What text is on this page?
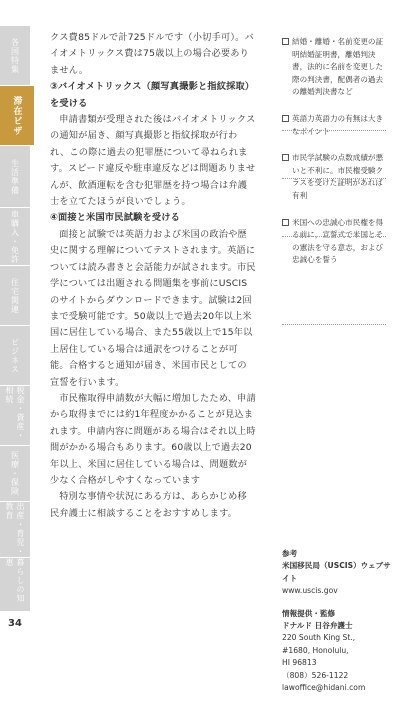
各国特集
滞在ビザ
生活準備
車購入・免許
住宅関連
ビジネス
税金・資産・相続
医療・保険
出産・育児・教育
暮らしの知恵
34

クス費85ドルで計725ドルです（小切手可）。バイオメトリックス費は75歳以上の場合必要ありません。

③バイオメトリックス（顔写真撮影と指紋採取）を受ける

申請書類が受理された後はバイオメトリックスの通知が届き、顔写真撮影と指紋採取が行われ、この際に過去の犯罪歴について尋ねられます。スピード違反や駐車違反などは問題ありませんが、飲酒運転を含む犯罪歴を持つ場合は弁護士を立てたほうが良いでしょう。

④面接と米国市民試験を受ける

面接と試験では英語力および米国の政治や歴史に関する理解についてテストされます。英語については読み書きと会話能力が試されます。市民学については出題される問題集を事前にUSCISのサイトからダウンロードできます。試験は2回まで受験可能です。50歳以上で過去20年以上米国に居住している場合、また55歳以上で15年以上居住している場合は通訳をつけることが可能。合格すると通知が届き、米国市民としての宣誓を行います。

市民権取得申請数が大幅に増加したため、申請から取得までには約1年程度かかることが見込まれます。申請内容に問題がある場合はそれ以上時間がかかる場合もあります。60歳以上で過去20年以上、米国に居住している場合は、問題数が少なく合格がしやすくなっています

特別な事情や状況にある方は、あらかじめ移民弁護士に相談することをおすすめします。

結婚・離婚・名前変更の証明結婚証明書，離婚判決書，法的に名前を変更した際の判決書，配偶者の過去の離婚判決書など
英語力英語力の有無は大きなポイント
市民学試験の点数成績が悪いと不利に。市民権受験クラスを受けた証明があれば有利
米国への忠誠心市民権を得る前に，宣誓式で米国とその憲法を守る意志，および忠誠心を誓う
参考
米国移民局（USCIS）ウェブサイト
www.uscis.gov
情報提供・監修
ドナルド 日谷弁護士
220 South King St.,
#1680, Honolulu,
HI 96813
（808）526-1122
lawoffice@hidani.com
